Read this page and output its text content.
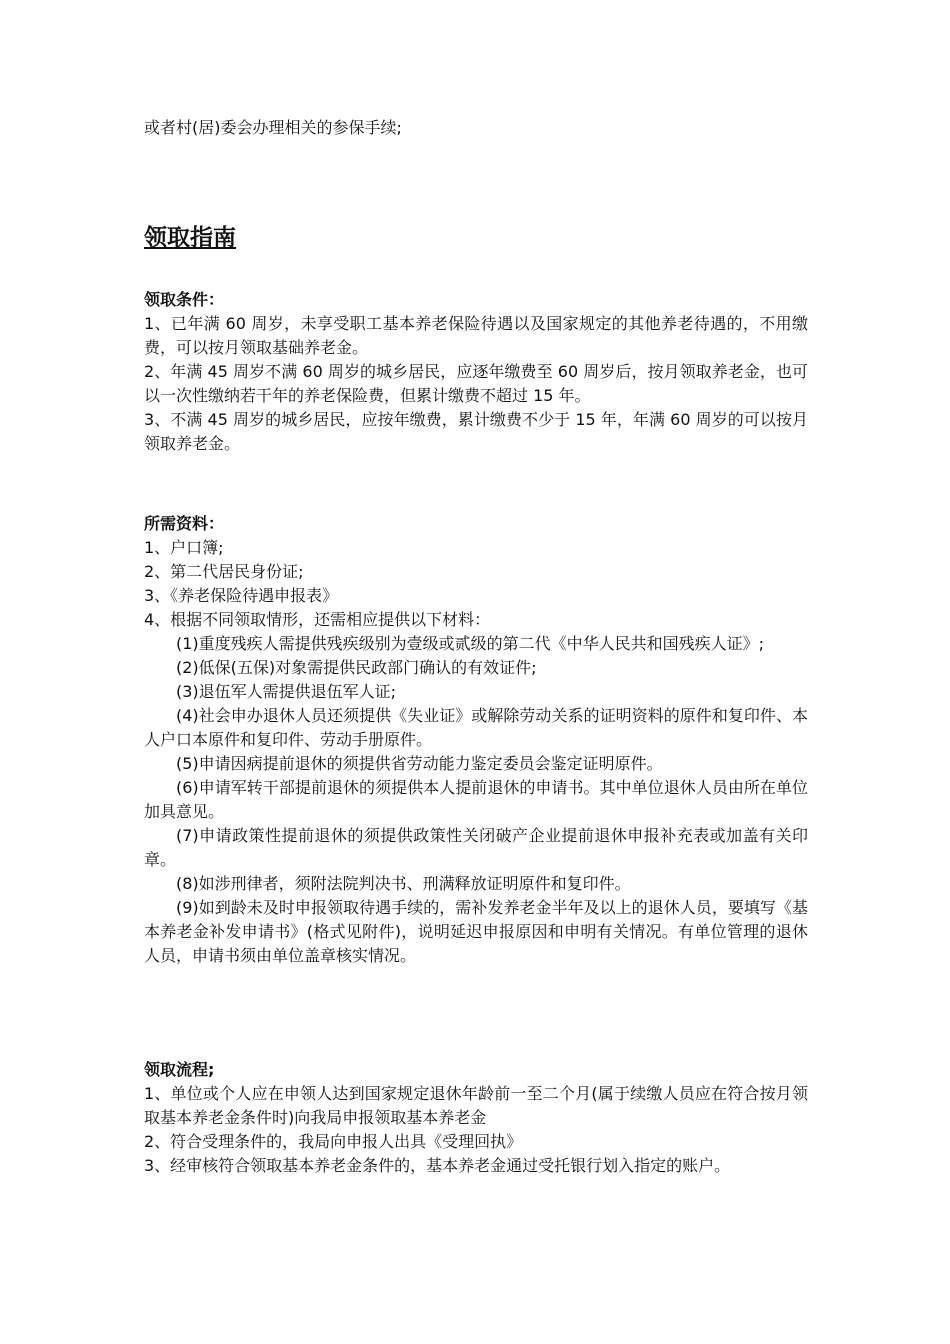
或者村(居)委会办理相关的参保手续;

领取指南

领取条件：

1、已年满 60 周岁，未享受职工基本养老保险待遇以及国家规定的其他养老待遇的，不用缴费，可以按月领取基础养老金。

2、年满 45 周岁不满 60 周岁的城乡居民，应逐年缴费至 60 周岁后，按月领取养老金，也可以一次性缴纳若干年的养老保险费，但累计缴费不超过 15 年。

3、不满 45 周岁的城乡居民，应按年缴费，累计缴费不少于 15 年，年满 60 周岁的可以按月领取养老金。

所需资料：

1、户口簿;

2、第二代居民身份证;

3、《养老保险待遇申报表》

4、根据不同领取情形，还需相应提供以下材料：

(1)重度残疾人需提供残疾级别为壹级或贰级的第二代《中华人民共和国残疾人证》;

(2)低保(五保)对象需提供民政部门确认的有效证件;

(3)退伍军人需提供退伍军人证;

(4)社会申办退休人员还须提供《失业证》或解除劳动关系的证明资料的原件和复印件、本人户口本原件和复印件、劳动手册原件。

(5)申请因病提前退休的须提供省劳动能力鉴定委员会鉴定证明原件。

(6)申请军转干部提前退休的须提供本人提前退休的申请书。其中单位退休人员由所在单位加具意见。

(7)申请政策性提前退休的须提供政策性关闭破产企业提前退休申报补充表或加盖有关印章。

(8)如涉刑律者，须附法院判决书、刑满释放证明原件和复印件。

(9)如到龄未及时申报领取待遇手续的，需补发养老金半年及以上的退休人员，要填写《基本养老金补发申请书》(格式见附件)，说明延迟申报原因和申明有关情况。有单位管理的退休人员，申请书须由单位盖章核实情况。

领取流程;

1、单位或个人应在申领人达到国家规定退休年龄前一至二个月(属于续缴人员应在符合按月领取基本养老金条件时)向我局申报领取基本养老金

2、符合受理条件的，我局向申报人出具《受理回执》

3、经审核符合领取基本养老金条件的，基本养老金通过受托银行划入指定的账户。
